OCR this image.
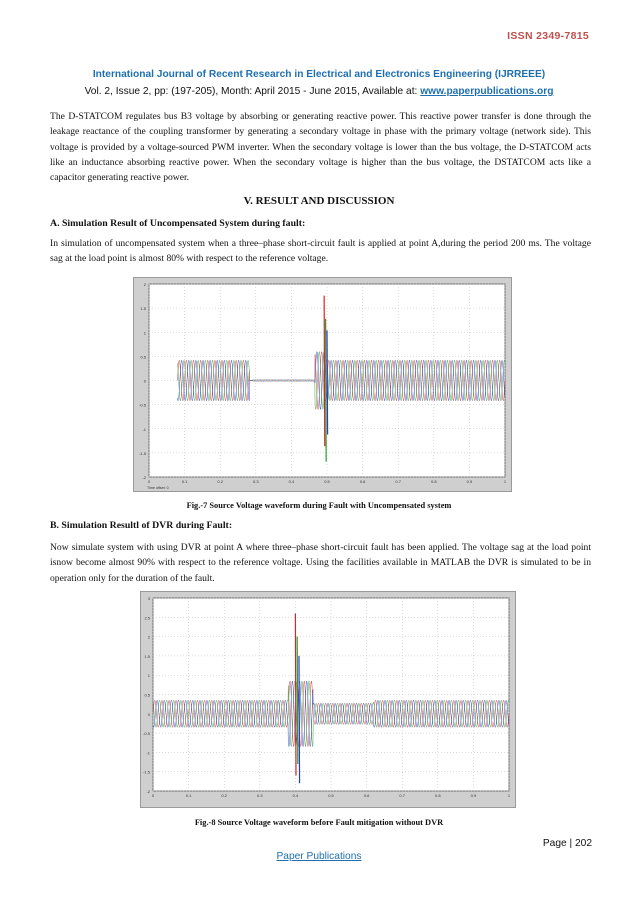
ISSN 2349-7815
International Journal of Recent Research in Electrical and Electronics Engineering (IJRREEE)
Vol. 2, Issue 2, pp: (197-205), Month: April 2015 - June 2015, Available at: www.paperpublications.org
The D-STATCOM regulates bus B3 voltage by absorbing or generating reactive power. This reactive power transfer is done through the leakage reactance of the coupling transformer by generating a secondary voltage in phase with the primary voltage (network side). This voltage is provided by a voltage-sourced PWM inverter. When the secondary voltage is lower than the bus voltage, the D-STATCOM acts like an inductance absorbing reactive power. When the secondary voltage is higher than the bus voltage, the DSTATCOM acts like a capacitor generating reactive power.
V. RESULT AND DISCUSSION
A. Simulation Result of Uncompensated System during fault:
In simulation of uncompensated system when a three–phase short-circuit fault is applied at point A,during the period 200 ms. The voltage sag at the load point is almost 80% with respect to the reference voltage.
2
1.5
1
0.5
0
-0.5
-1
-1.5
-2
0	0.1	0.2	0.3	0.4	0.5	0.6	0.7	0.8	0.9	1
Time offset: 0
Fig.-7 Source Voltage waveform during Fault with Uncompensated system
B. Simulation Resultl of DVR during Fault:
Now simulate system with using DVR at point A where three–phase short-circuit fault has been applied. The voltage sag at the load point isnow become almost 90% with respect to the reference voltage. Using the facilities available in MATLAB the DVR is simulated to be in operation only for the duration of the fault.
3
2.5
2
1.5
1
0.5
0
-0.5
-1
-1.5
-2
0	0.1	0.2	0.3	0.4	0.5	0.6	0.7	0.8	0.9	1
Fig.-8 Source Voltage waveform before Fault mitigation without DVR
Page | 202
Paper Publications
